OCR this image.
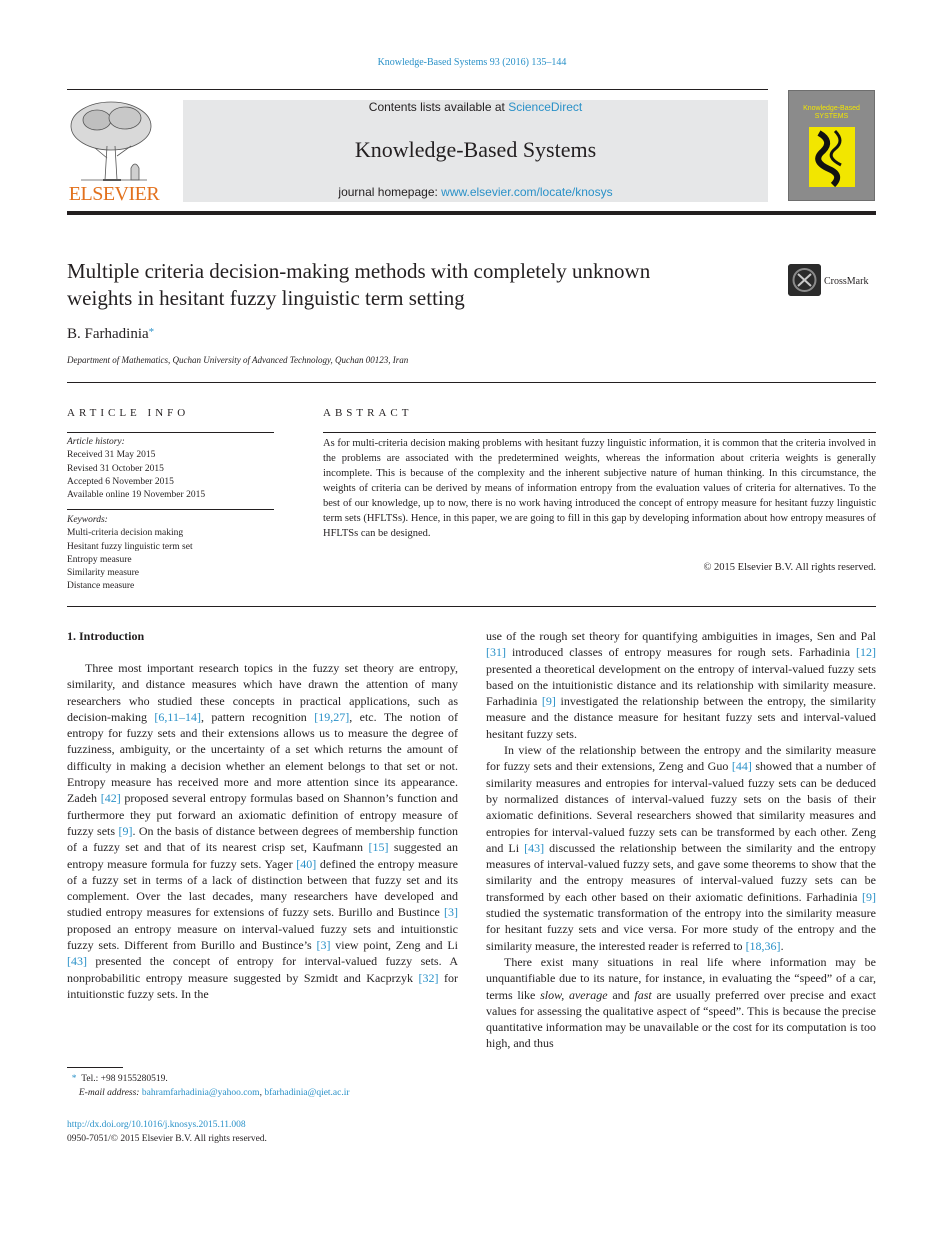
Knowledge-Based Systems 93 (2016) 135–144
ELSEVIER
Contents lists available at ScienceDirect
Knowledge-Based Systems
journal homepage: www.elsevier.com/locate/knosys
Knowledge-Based
SYSTEMS
Multiple criteria decision-making methods with completely unknown
weights in hesitant fuzzy linguistic term setting
CrossMark
B. Farhadinia*
Department of Mathematics, Quchan University of Advanced Technology, Quchan 00123, Iran
ARTICLE INFO	ABSTRACT
Article history:
Received 31 May 2015
Revised 31 October 2015
Accepted 6 November 2015
Available online 19 November 2015
Keywords:
Multi-criteria decision making
Hesitant fuzzy linguistic term set
Entropy measure
Similarity measure
Distance measure
As for multi-criteria decision making problems with hesitant fuzzy linguistic information, it is common that the criteria involved in the problems are associated with the predetermined weights, whereas the information about criteria weights is generally incomplete. This is because of the complexity and the inherent subjective nature of human thinking. In this circumstance, the weights of criteria can be derived by means of information entropy from the evaluation values of criteria for alternatives. To the best of our knowledge, up to now, there is no work having introduced the concept of entropy measure for hesitant fuzzy linguistic term sets (HFLTSs). Hence, in this paper, we are going to fill in this gap by developing information about how entropy measures of HFLTSs can be designed.
© 2015 Elsevier B.V. All rights reserved.
1. Introduction

Three most important research topics in the fuzzy set theory are entropy, similarity, and distance measures which have drawn the attention of many researchers who studied these concepts in practical applications, such as decision-making [6,11–14], pattern recognition [19,27], etc. The notion of entropy for fuzzy sets and their extensions allows us to measure the degree of fuzziness, ambiguity, or the uncertainty of a set which returns the amount of difficulty in making a decision whether an element belongs to that set or not. Entropy measure has received more and more attention since its appearance. Zadeh [42] proposed several entropy formulas based on Shannon’s function and furthermore they put forward an axiomatic definition of entropy measure of fuzzy sets [9]. On the basis of distance between degrees of membership function of a fuzzy set and that of its nearest crisp set, Kaufmann [15] suggested an entropy measure formula for fuzzy sets. Yager [40] defined the entropy measure of a fuzzy set in terms of a lack of distinction between that fuzzy set and its complement. Over the last decades, many researchers have developed and studied entropy measures for extensions of fuzzy sets. Burillo and Bustince [3] proposed an entropy measure on interval-valued fuzzy sets and intuitionstic fuzzy sets. Different from Burillo and Bustince’s [3] view point, Zeng and Li [43] presented the concept of entropy for interval-valued fuzzy sets. A nonprobabilitic entropy measure suggested by Szmidt and Kacprzyk [32] for intuitionstic fuzzy sets. In the

use of the rough set theory for quantifying ambiguities in images, Sen and Pal [31] introduced classes of entropy measures for rough sets. Farhadinia [12] presented a theoretical development on the entropy of interval-valued fuzzy sets based on the intuitionistic distance and its relationship with similarity measure. Farhadinia [9] investigated the relationship between the entropy, the similarity measure and the distance measure for hesitant fuzzy sets and interval-valued hesitant fuzzy sets.

In view of the relationship between the entropy and the similarity measure for fuzzy sets and their extensions, Zeng and Guo [44] showed that a number of similarity measures and entropies for interval-valued fuzzy sets can be deduced by normalized distances of interval-valued fuzzy sets on the basis of their axiomatic definitions. Several researchers showed that similarity measures and entropies for interval-valued fuzzy sets can be transformed by each other. Zeng and Li [43] discussed the relationship between the similarity and the entropy measures of interval-valued fuzzy sets, and gave some theorems to show that the similarity and the entropy measures of interval-valued fuzzy sets can be transformed by each other based on their axiomatic definitions. Farhadinia [9] studied the systematic transformation of the entropy into the similarity measure for hesitant fuzzy sets and vice versa. For more study of the entropy and the similarity measure, the interested reader is referred to [18,36].

There exist many situations in real life where information may be unquantifiable due to its nature, for instance, in evaluating the “speed” of a car, terms like slow, average and fast are usually preferred over precise and exact values for assessing the qualitative aspect of “speed”. This is because the precise quantitative information may be unavailable or the cost for its computation is too high, and thus

* Tel.: +98 9155280519.
E-mail address: bahramfarhadinia@yahoo.com, bfarhadinia@qiet.ac.ir
http://dx.doi.org/10.1016/j.knosys.2015.11.008
0950-7051/© 2015 Elsevier B.V. All rights reserved.
